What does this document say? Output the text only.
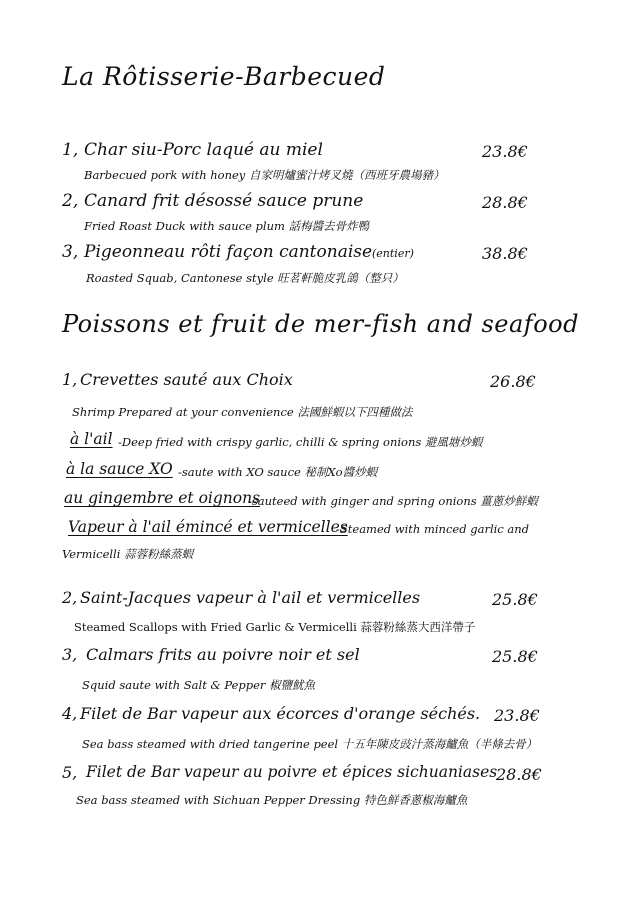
La Rôtisserie-Barbecued
1, Char siu-Porc laqué au miel	23.8€
Barbecued pork with honey 自家明爐蜜汁烤叉燒（西班牙農場豬）
2, Canard frit désossé sauce prune	28.8€
Fried Roast Duck with sauce plum 話梅醬去骨炸鴨
3, Pigeonneau rôti façon cantonaise (entier)	38.8€
Roasted Squab, Cantonese style 旺茗軒脆皮乳鴿（整只）
Poissons et fruit de mer-fish and seafood
1, Crevettes sauté aux Choix	26.8€
Shrimp Prepared at your convenience 法國鮮蝦以下四種做法
à l'ail -Deep fried with crispy garlic, chilli & spring onions 避風塘炒蝦
à la sauce XO -saute with XO sauce 秘制Xo醬炒蝦
au gingembre et oignons
-sauteed with ginger and spring onions 薑蔥炒鮮蝦
Vapeur à l'ail émincé et vermicelles
-Steamed with minced garlic and
Vermicelli 蒜蓉粉絲蒸蝦
2, Saint-Jacques vapeur à l'ail et vermicelles	25.8€
Steamed Scallops with Fried Garlic & Vermicelli 蒜蓉粉絲蒸大西洋帶子
3, Calmars frits au poivre noir et sel	25.8€
Squid saute with Salt & Pepper 椒鹽魷魚
4, Filet de Bar vapeur aux écorces d'orange séchés. 23.8€
Sea bass steamed with dried tangerine peel 十五年陳皮豉汁蒸海鱸魚（半條去骨）
5, Filet de Bar vapeur au poivre et épices sichuaniases
28.8€
Sea bass steamed with Sichuan Pepper Dressing 特色鮮香蔥椒海鱸魚
